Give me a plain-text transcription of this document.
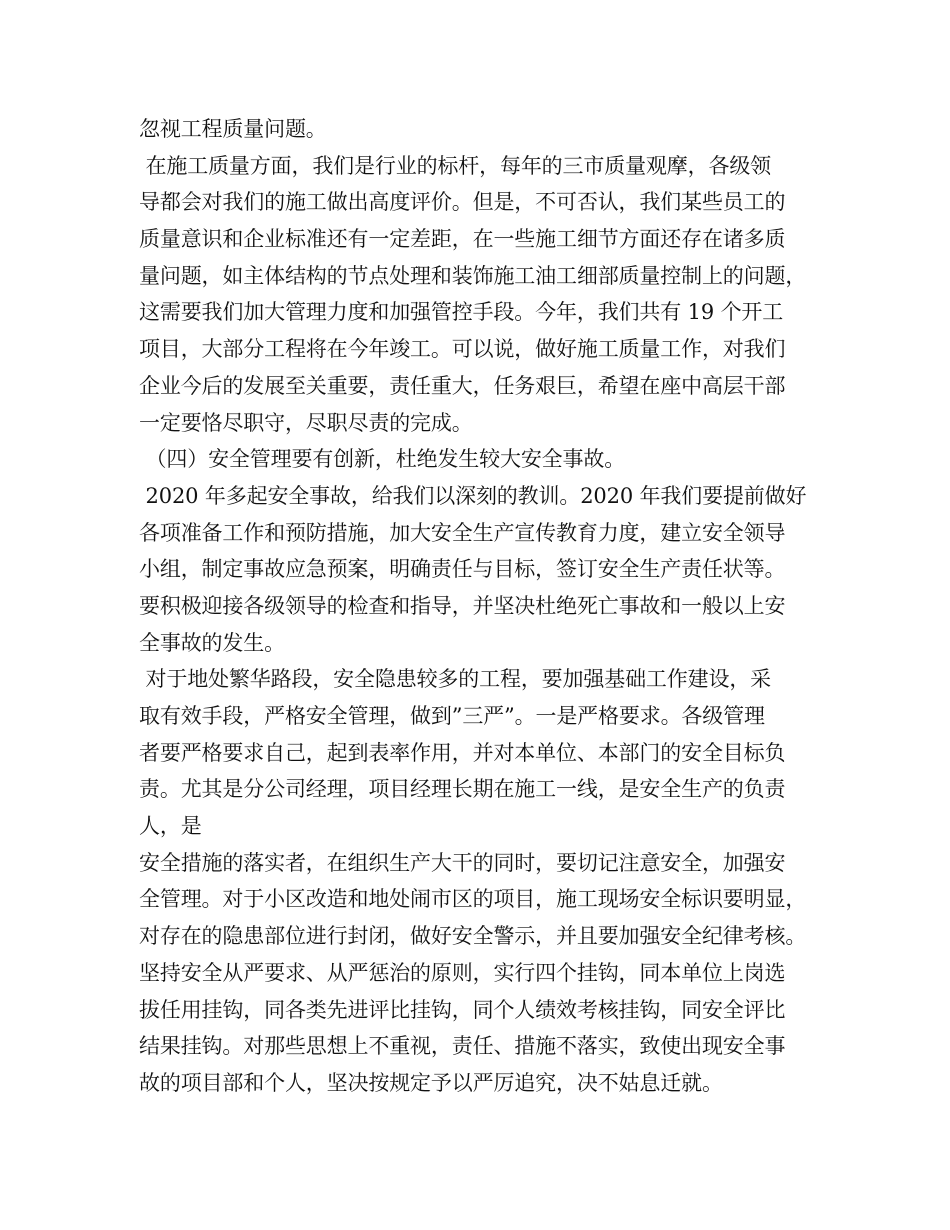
忽视工程质量问题。
在施工质量方面，我们是行业的标杆，每年的三市质量观摩，各级领
导都会对我们的施工做出高度评价。但是，不可否认，我们某些员工的
质量意识和企业标准还有一定差距，在一些施工细节方面还存在诸多质
量问题，如主体结构的节点处理和装饰施工油工细部质量控制上的问题，
这需要我们加大管理力度和加强管控手段。今年，我们共有 19 个开工
项目，大部分工程将在今年竣工。可以说，做好施工质量工作，对我们
企业今后的发展至关重要，责任重大，任务艰巨，希望在座中高层干部
一定要恪尽职守，尽职尽责的完成。
（四）安全管理要有创新，杜绝发生较大安全事故。
2020 年多起安全事故，给我们以深刻的教训。2020 年我们要提前做好
各项准备工作和预防措施，加大安全生产宣传教育力度，建立安全领导
小组，制定事故应急预案，明确责任与目标，签订安全生产责任状等。
要积极迎接各级领导的检查和指导，并坚决杜绝死亡事故和一般以上安
全事故的发生。
对于地处繁华路段，安全隐患较多的工程，要加强基础工作建设，采
取有效手段，严格安全管理，做到”三严”。一是严格要求。各级管理
者要严格要求自己，起到表率作用，并对本单位、本部门的安全目标负
责。尤其是分公司经理，项目经理长期在施工一线，是安全生产的负责
人，是
安全措施的落实者，在组织生产大干的同时，要切记注意安全，加强安
全管理。对于小区改造和地处闹市区的项目，施工现场安全标识要明显，
对存在的隐患部位进行封闭，做好安全警示，并且要加强安全纪律考核。
坚持安全从严要求、从严惩治的原则，实行四个挂钩，同本单位上岗选
拔任用挂钩，同各类先进评比挂钩，同个人绩效考核挂钩，同安全评比
结果挂钩。对那些思想上不重视，责任、措施不落实，致使出现安全事
故的项目部和个人，坚决按规定予以严厉追究，决不姑息迁就。
